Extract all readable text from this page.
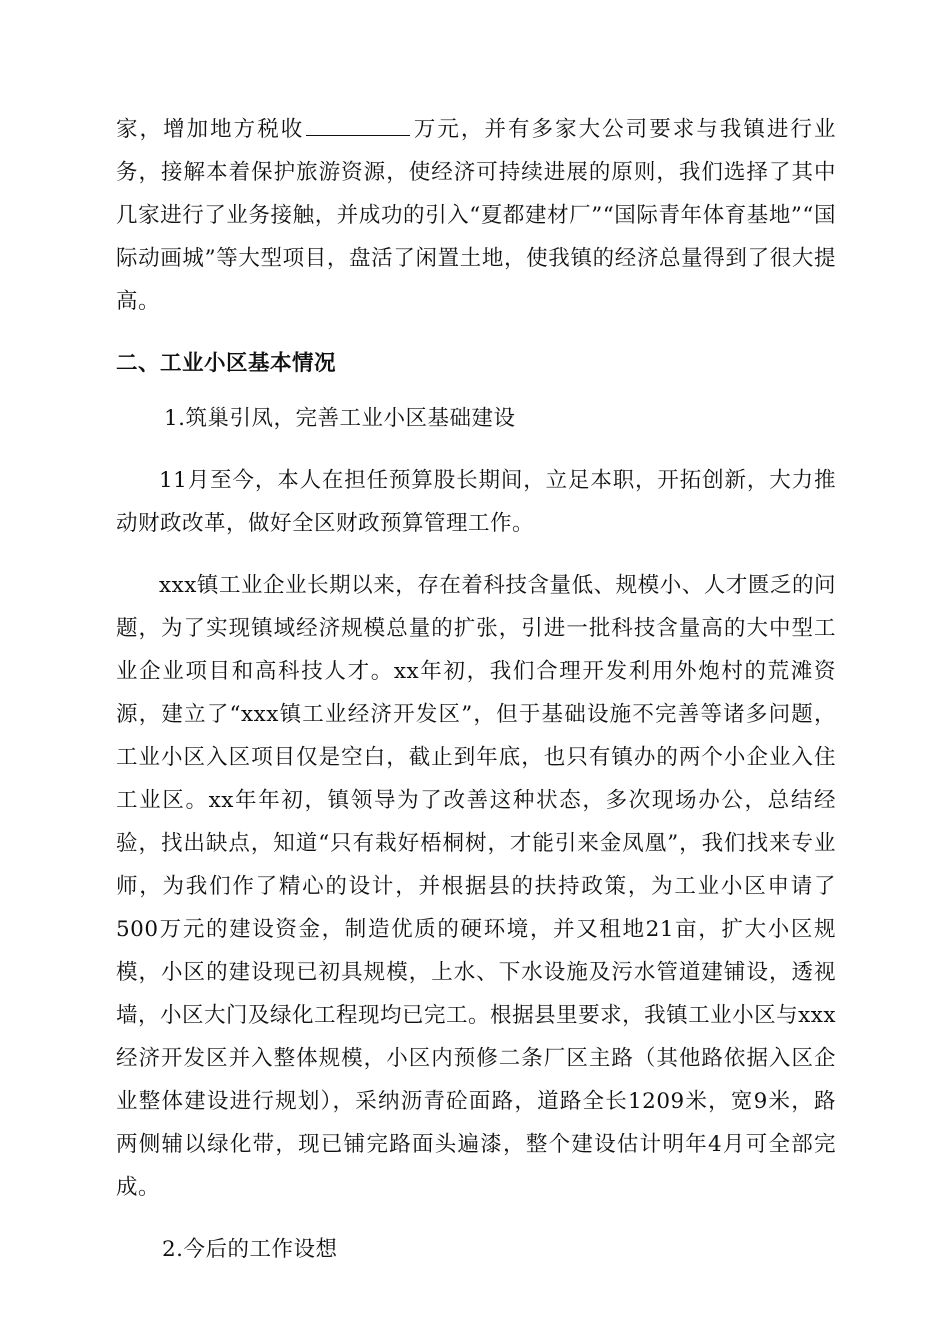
家，增加地方税收	万元，并有多家大公司要求与我镇进行业务，接解本着保护旅游资源，使经济可持续进展的原则，我们选择了其中几家进行了业务接触，并成功的引入“夏都建材厂”“国际青年体育基地”“国际动画城”等大型项目，盘活了闲置土地，使我镇的经济总量得到了很大提高。

二、工业小区基本情况

1.筑巢引凤，完善工业小区基础建设

11月至今，本人在担任预算股长期间，立足本职，开拓创新，大力推动财政改革，做好全区财政预算管理工作。

xxx镇工业企业长期以来，存在着科技含量低、规模小、人才匮乏的问题，为了实现镇域经济规模总量的扩张，引进一批科技含量高的大中型工业企业项目和高科技人才。xx年初，我们合理开发利用外炮村的荒滩资源，建立了“xxx镇工业经济开发区”，但于基础设施不完善等诸多问题，工业小区入区项目仅是空白，截止到年底，也只有镇办的两个小企业入住工业区。xx年年初，镇领导为了改善这种状态，多次现场办公，总结经验，找出缺点，知道“只有栽好梧桐树，才能引来金凤凰”，我们找来专业师，为我们作了精心的设计，并根据县的扶持政策，为工业小区申请了500万元的建设资金，制造优质的硬环境，并又租地21亩，扩大小区规模，小区的建设现已初具规模，上水、下水设施及污水管道建铺设，透视墙，小区大门及绿化工程现均已完工。根据县里要求，我镇工业小区与xxx经济开发区并入整体规模，小区内预修二条厂区主路（其他路依据入区企业整体建设进行规划），采纳沥青砼面路，道路全长1209米，宽9米，路两侧辅以绿化带，现已铺完路面头遍漆，整个建设估计明年4月可全部完成。

2.今后的工作设想
